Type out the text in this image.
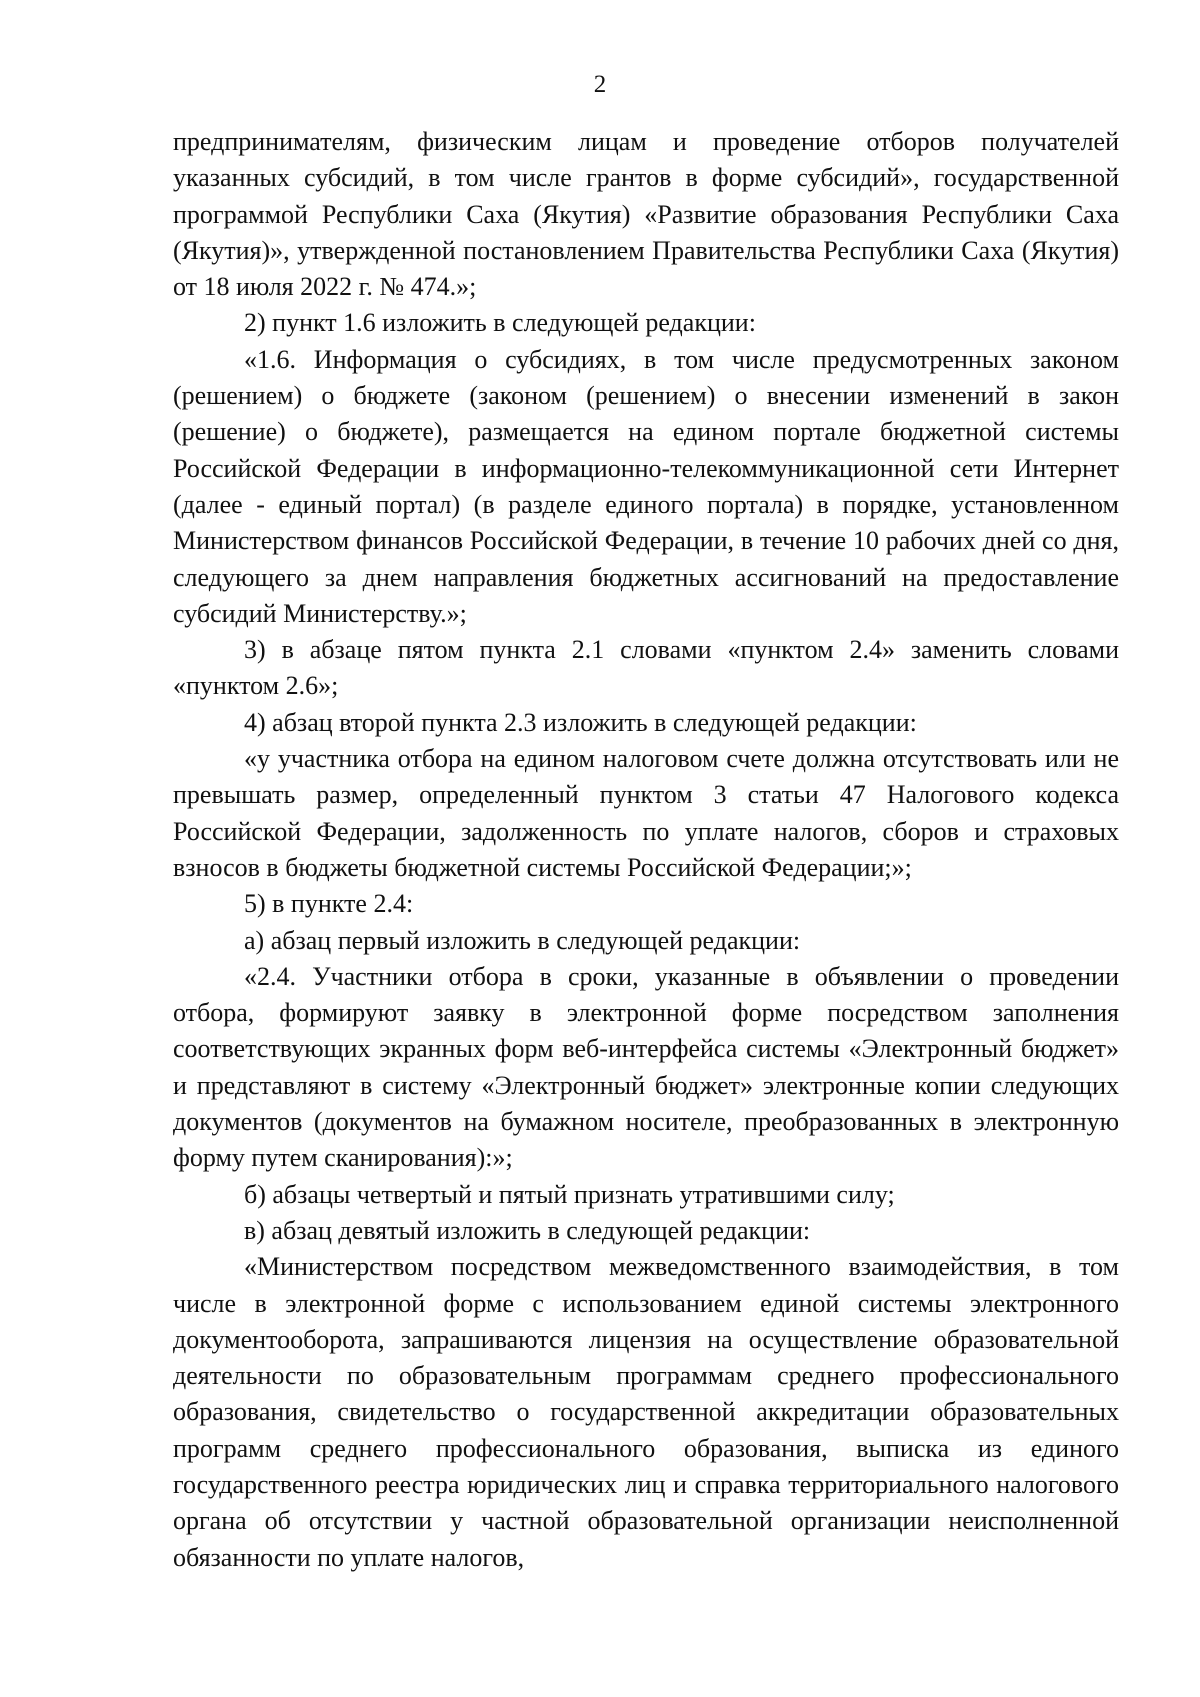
2

предпринимателям, физическим лицам и проведение отборов получателей указанных субсидий, в том числе грантов в форме субсидий», государственной программой Республики Саха (Якутия) «Развитие образования Республики Саха (Якутия)», утвержденной постановлением Правительства Республики Саха (Якутия) от 18 июля 2022 г. № 474.»;

2) пункт 1.6 изложить в следующей редакции:

«1.6. Информация о субсидиях, в том числе предусмотренных законом (решением) о бюджете (законом (решением) о внесении изменений в закон (решение) о бюджете), размещается на едином портале бюджетной системы Российской Федерации в информационно-телекоммуникационной сети Интернет (далее - единый портал) (в разделе единого портала) в порядке, установленном Министерством финансов Российской Федерации, в течение 10 рабочих дней со дня, следующего за днем направления бюджетных ассигнований на предоставление субсидий Министерству.»;

3) в абзаце пятом пункта 2.1 словами «пунктом 2.4» заменить словами «пунктом 2.6»;

4) абзац второй пункта 2.3 изложить в следующей редакции:

«у участника отбора на едином налоговом счете должна отсутствовать или не превышать размер, определенный пунктом 3 статьи 47 Налогового кодекса Российской Федерации, задолженность по уплате налогов, сборов и страховых взносов в бюджеты бюджетной системы Российской Федерации;»;

5) в пункте 2.4:

а) абзац первый изложить в следующей редакции:

«2.4. Участники отбора в сроки, указанные в объявлении о проведении отбора, формируют заявку в электронной форме посредством заполнения соответствующих экранных форм веб-интерфейса системы «Электронный бюджет» и представляют в систему «Электронный бюджет» электронные копии следующих документов (документов на бумажном носителе, преобразованных в электронную форму путем сканирования):»;

б) абзацы четвертый и пятый признать утратившими силу;

в) абзац девятый изложить в следующей редакции:

«Министерством посредством межведомственного взаимодействия, в том числе в электронной форме с использованием единой системы электронного документооборота, запрашиваются лицензия на осуществление образовательной деятельности по образовательным программам среднего профессионального образования, свидетельство о государственной аккредитации образовательных программ среднего профессионального образования, выписка из единого государственного реестра юридических лиц и справка территориального налогового органа об отсутствии у частной образовательной организации неисполненной обязанности по уплате налогов,
